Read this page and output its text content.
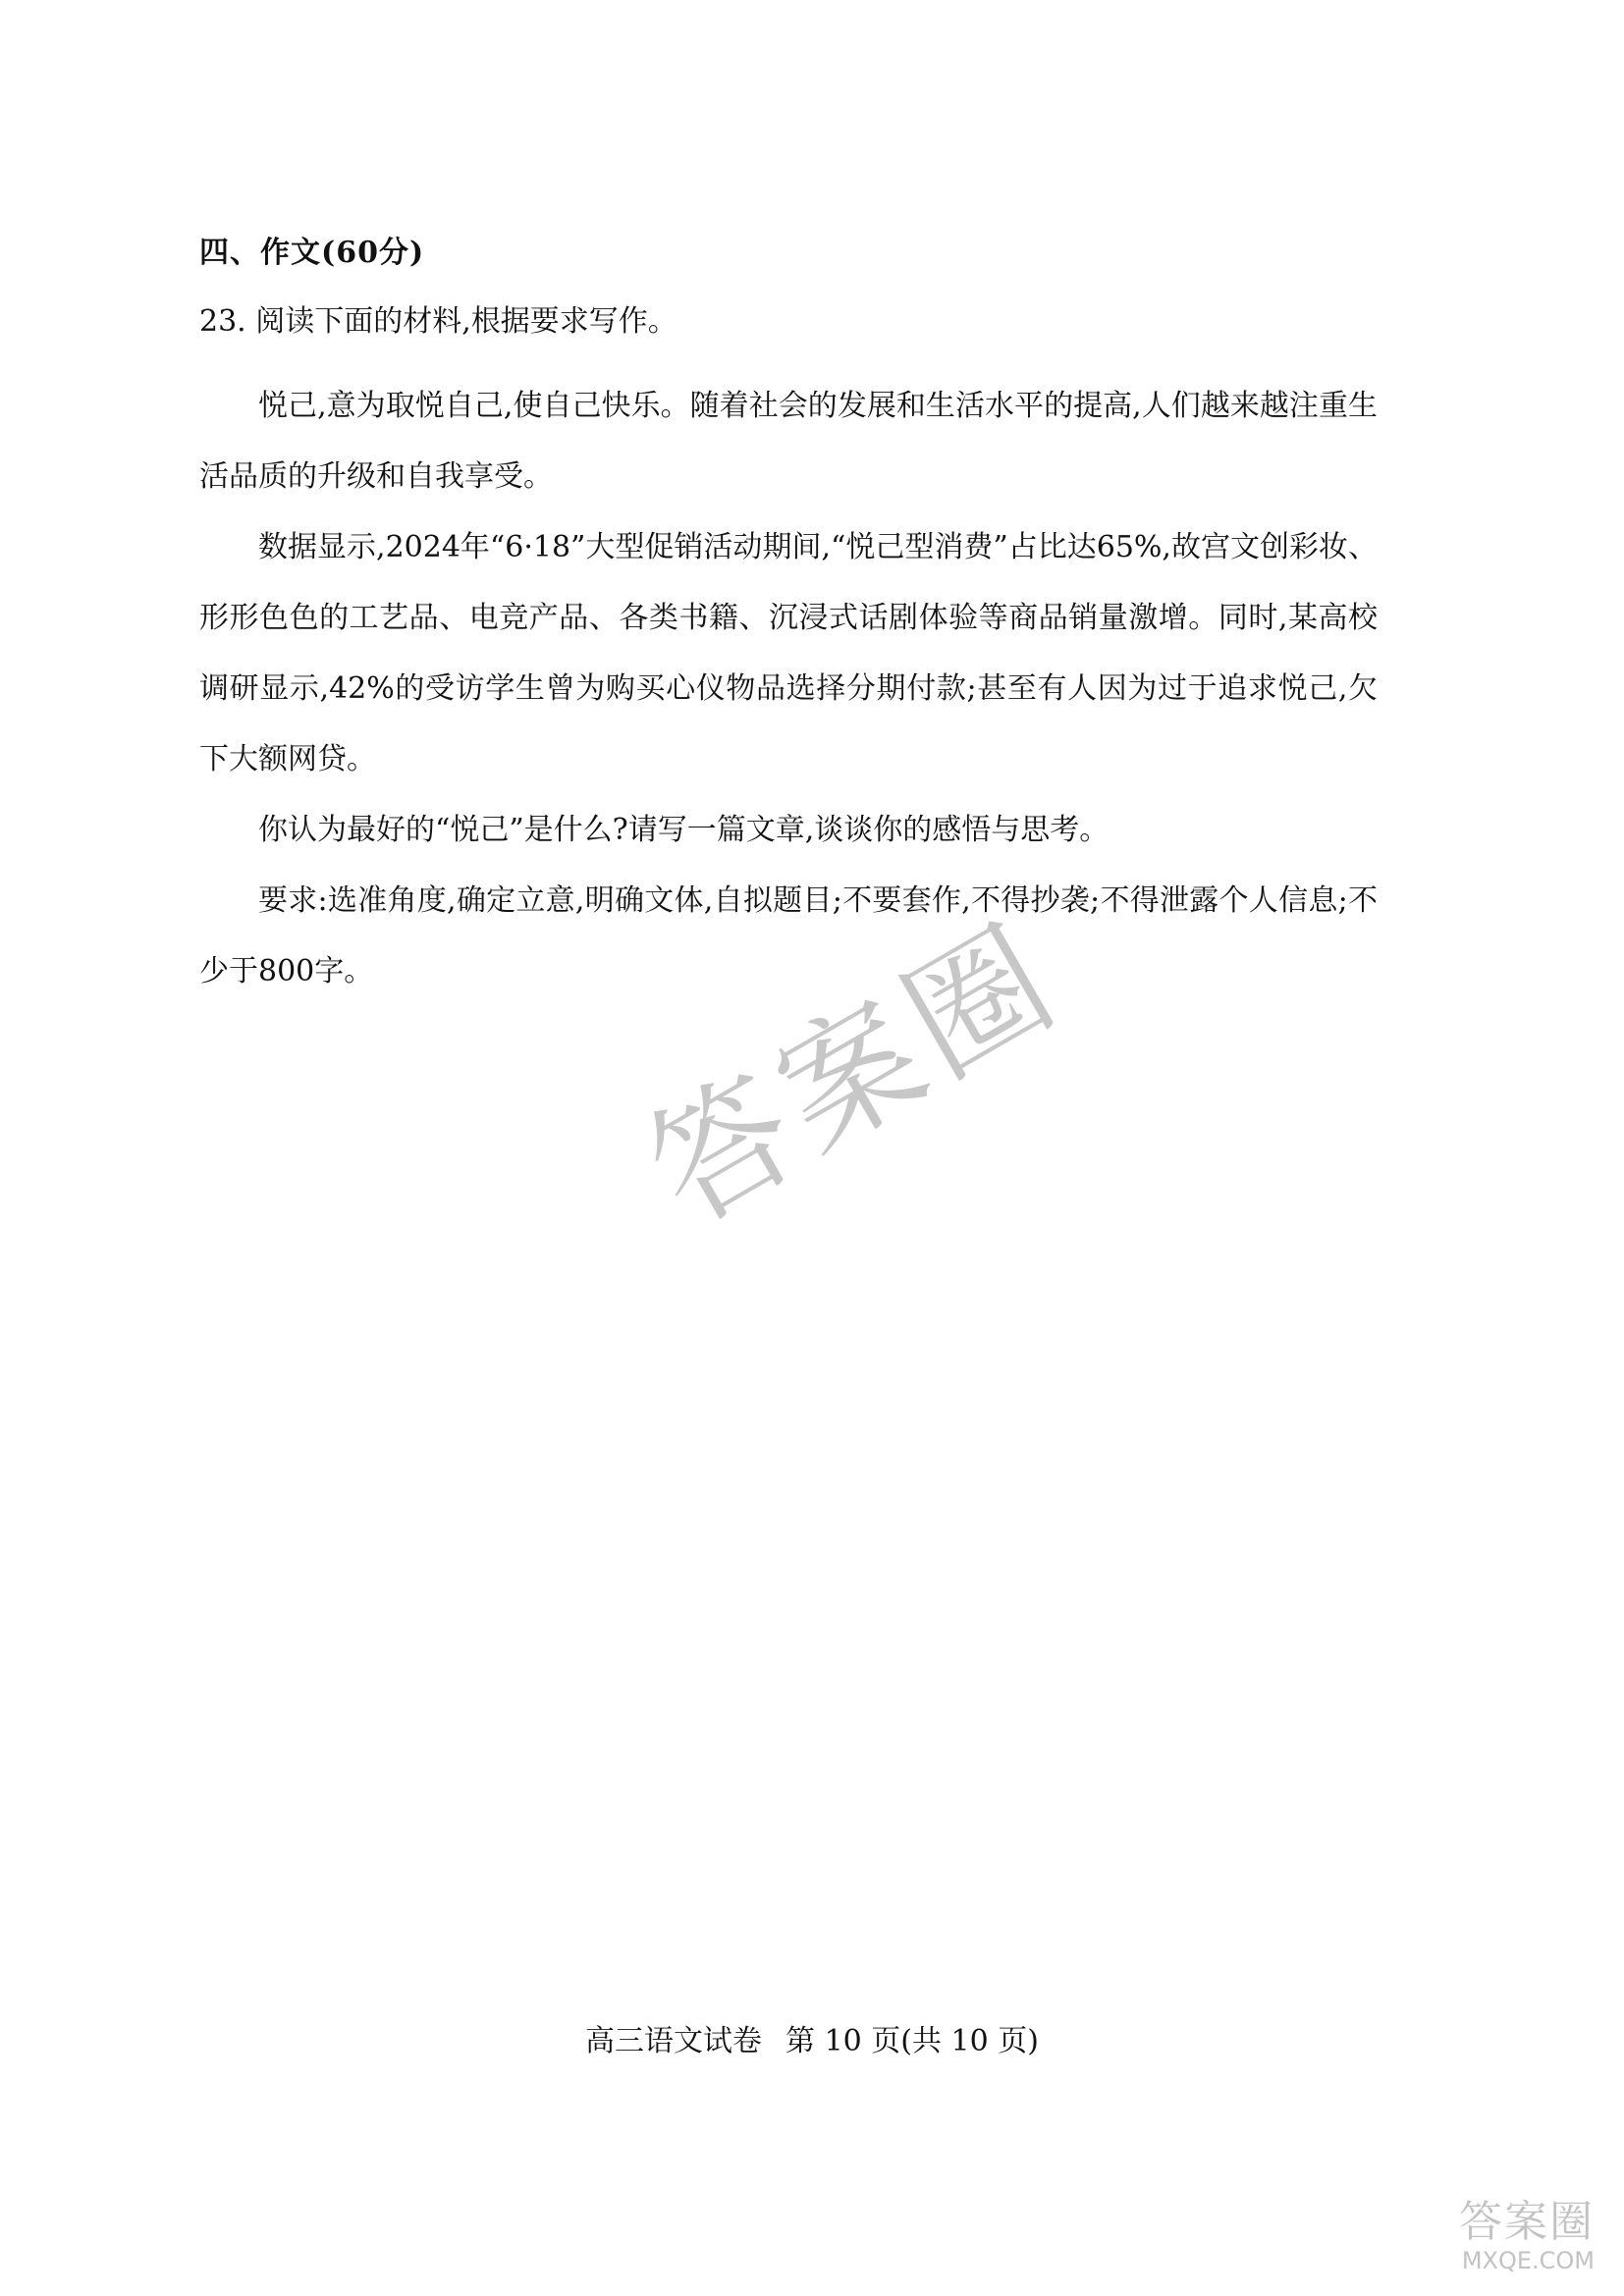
四、作文(60分)
23. 阅读下面的材料,根据要求写作。

悦己,意为取悦自己,使自己快乐。随着社会的发展和生活水平的提高,人们越来越注重生活品质的升级和自我享受。

数据显示,2024年“6·18”大型促销活动期间,“悦己型消费”占比达65%,故宫文创彩妆、形形色色的工艺品、电竞产品、各类书籍、沉浸式话剧体验等商品销量激增。同时,某高校调研显示,42%的受访学生曾为购买心仪物品选择分期付款;甚至有人因为过于追求悦己,欠下大额网贷。

你认为最好的“悦己”是什么?请写一篇文章,谈谈你的感悟与思考。

要求:选准角度,确定立意,明确文体,自拟题目;不要套作,不得抄袭;不得泄露个人信息;不少于800字。	答案圈
高三语文试卷 第 10 页(共 10 页)
答案圈
MXQE.COM
